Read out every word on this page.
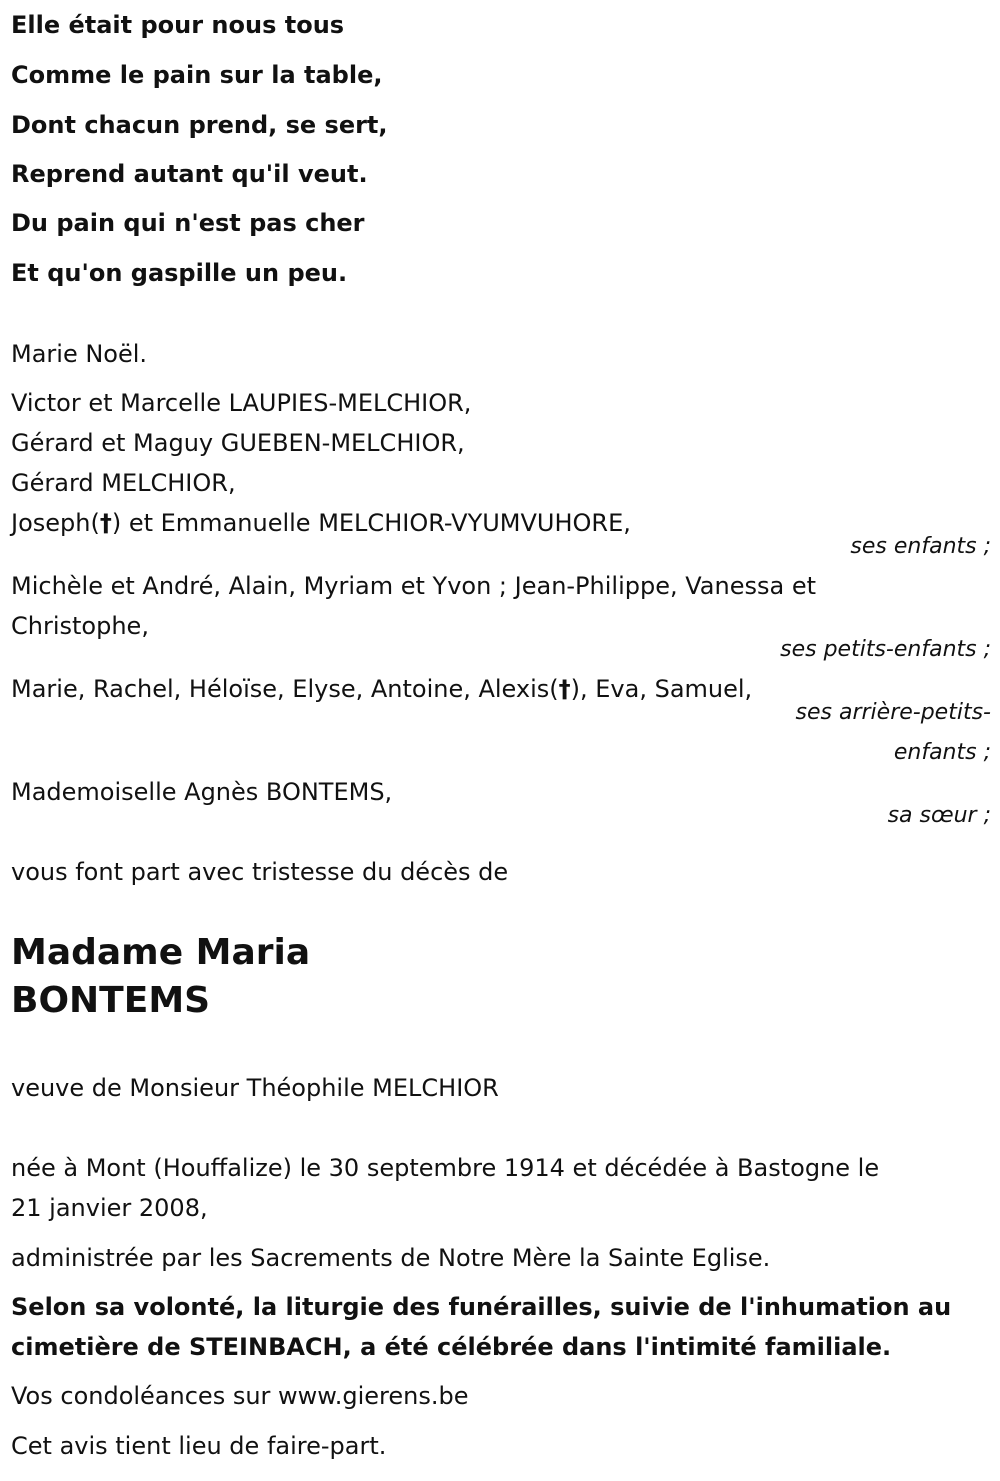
Elle était pour nous tous
Comme le pain sur la table,
Dont chacun prend, se sert,
Reprend autant qu'il veut.
Du pain qui n'est pas cher
Et qu'on gaspille un peu.
Marie Noël.
Victor et Marcelle LAUPIES-MELCHIOR,
Gérard et Maguy GUEBEN-MELCHIOR,
Gérard MELCHIOR,
Joseph(†) et Emmanuelle MELCHIOR-VYUMVUHORE,
ses enfants ;
Michèle et André, Alain, Myriam et Yvon ; Jean-Philippe, Vanessa et
Christophe,
ses petits-enfants ;
Marie, Rachel, Héloïse, Elyse, Antoine, Alexis(†), Eva, Samuel,
ses arrière-petits-
enfants ;
Mademoiselle Agnès BONTEMS,
sa sœur ;
vous font part avec tristesse du décès de
Madame Maria
BONTEMS
veuve de Monsieur Théophile MELCHIOR
née à Mont (Houffalize) le 30 septembre 1914 et décédée à Bastogne le
21 janvier 2008,
administrée par les Sacrements de Notre Mère la Sainte Eglise.
Selon sa volonté, la liturgie des funérailles, suivie de l'inhumation au
cimetière de STEINBACH, a été célébrée dans l'intimité familiale.
Vos condoléances sur www.gierens.be
Cet avis tient lieu de faire-part.
